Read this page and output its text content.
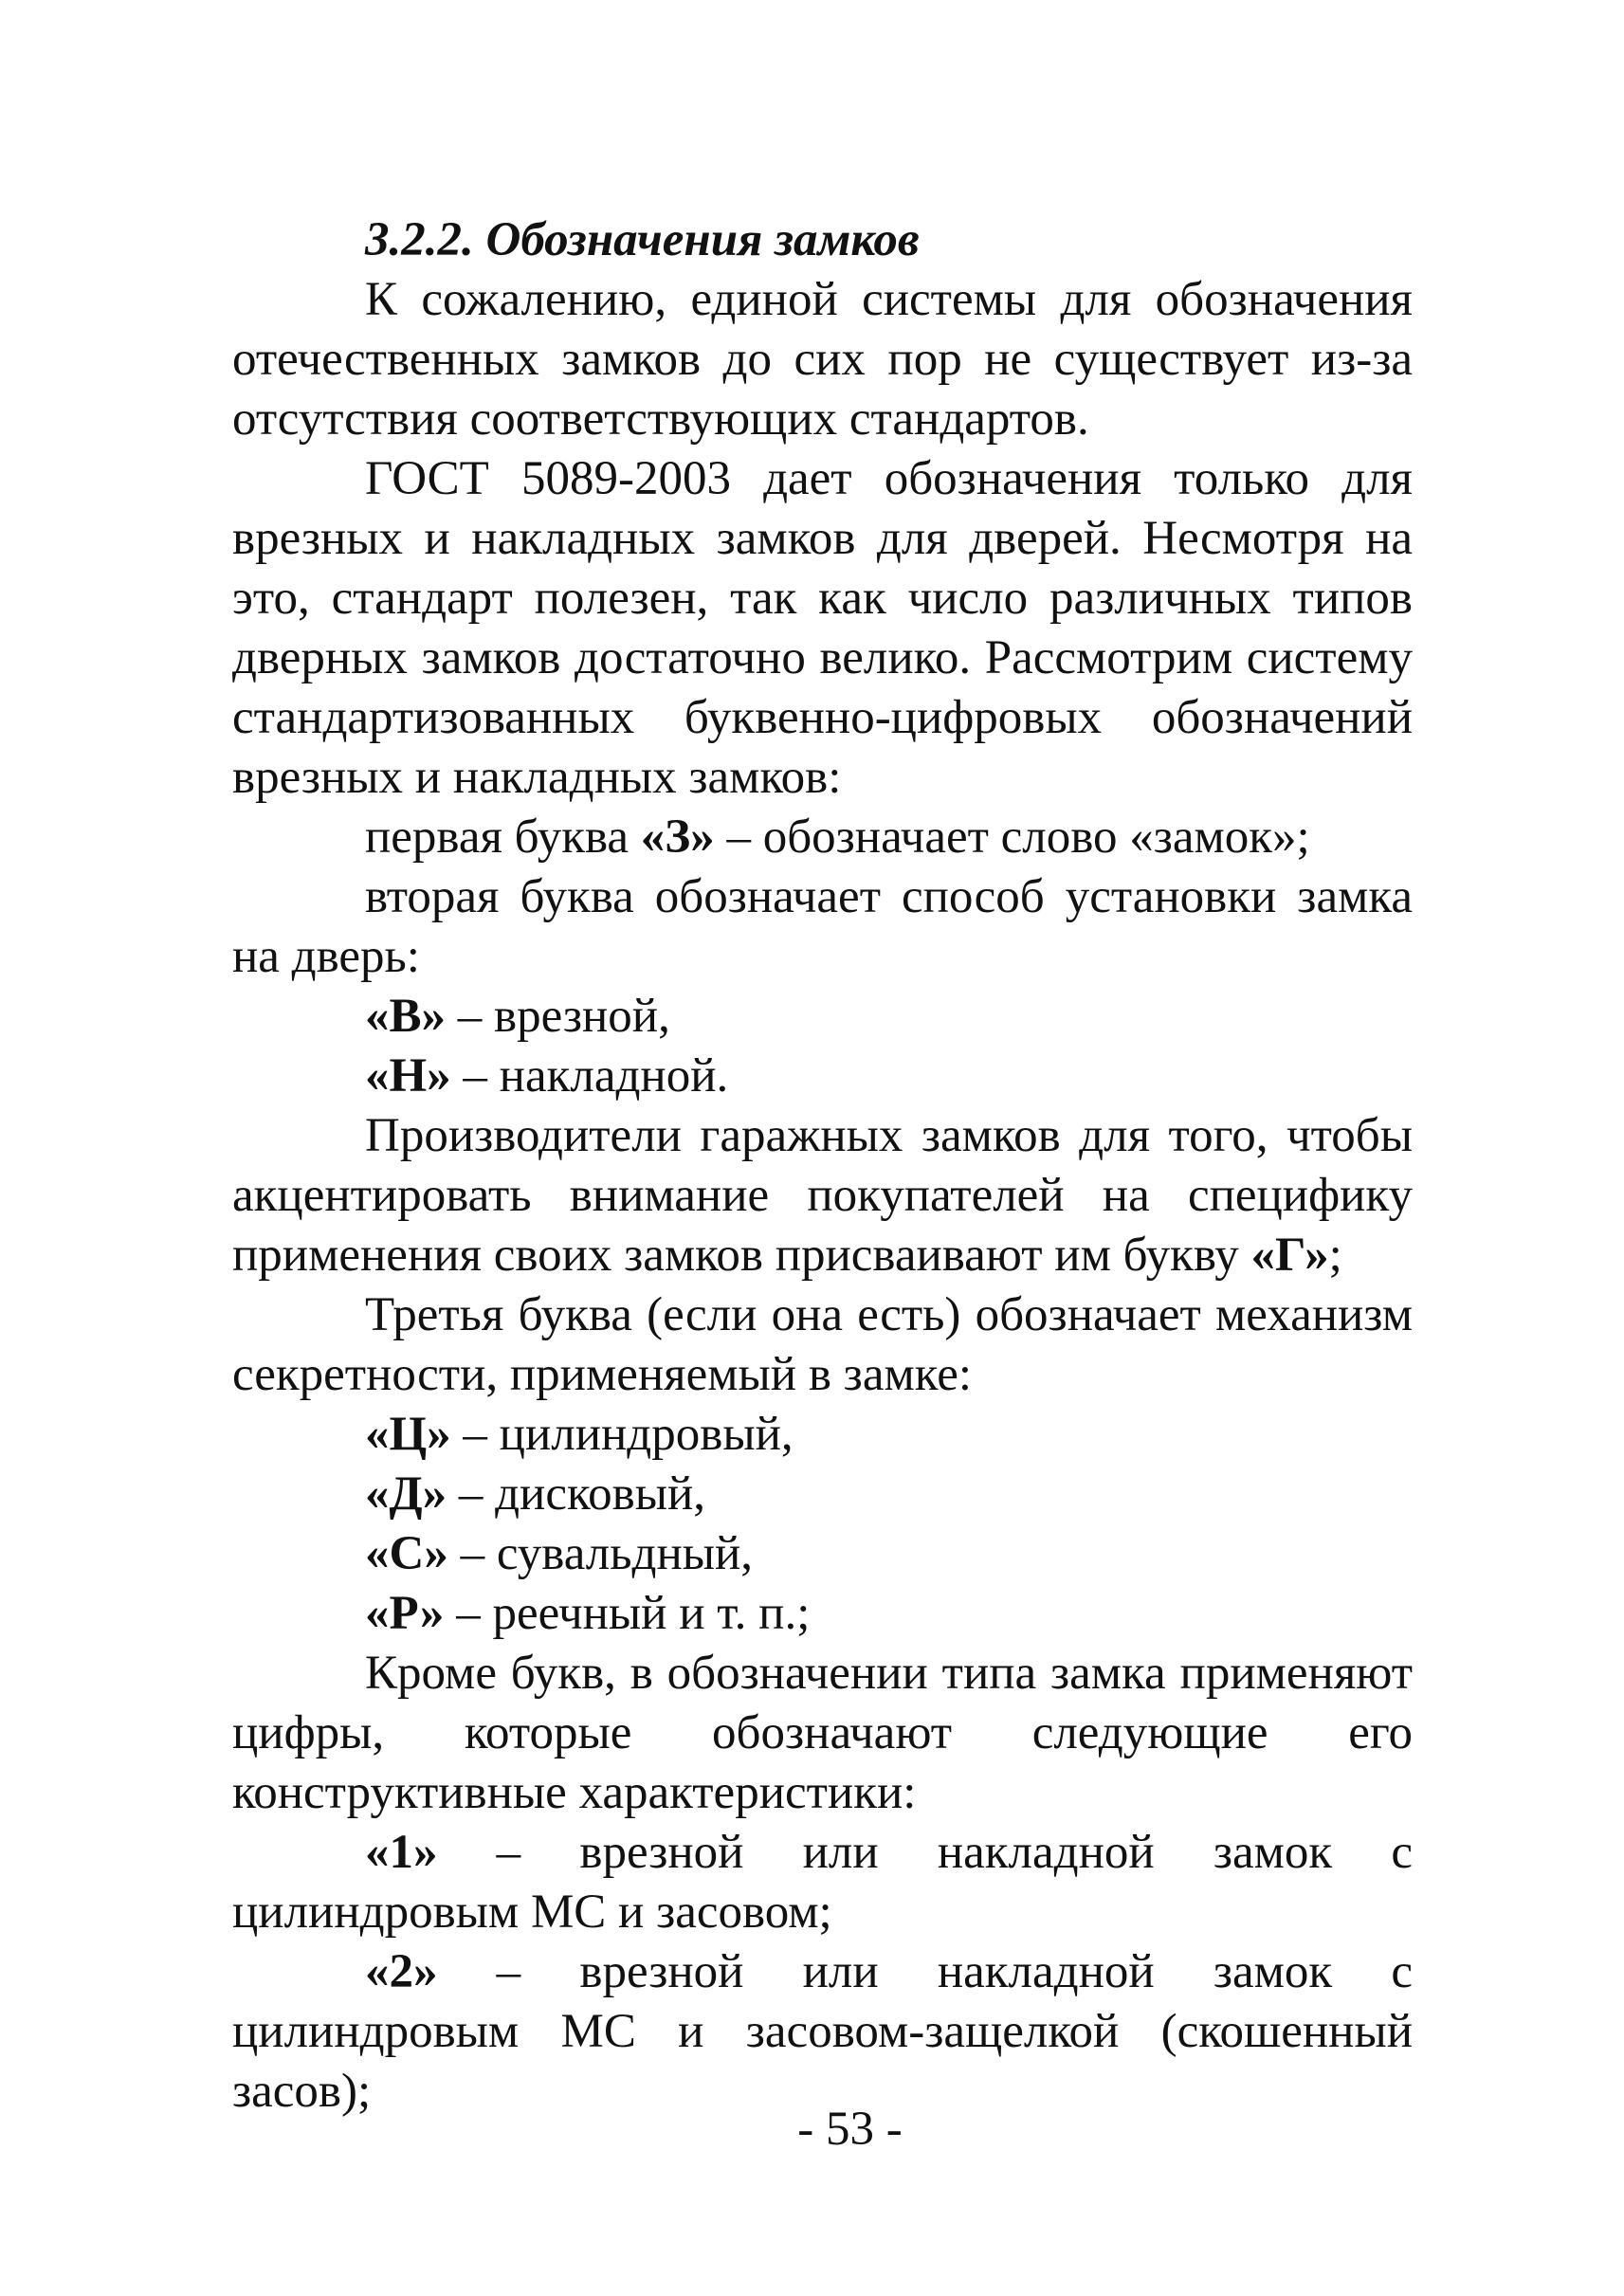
3.2.2. Обозначения замков

К сожалению, единой системы для обозначения отечественных замков до сих пор не существует из-за отсутствия соответствующих стандартов.

ГОСТ 5089-2003 дает обозначения только для врезных и накладных замков для дверей. Несмотря на это, стандарт полезен, так как число различных типов дверных замков достаточно велико. Рассмотрим систему стандартизованных буквенно-цифровых обозначений врезных и накладных замков:

первая буква «З» – обозначает слово «замок»;

вторая буква обозначает способ установки замка на дверь:

«В» – врезной,

«Н» – накладной.

Производители гаражных замков для того, чтобы акцентировать внимание покупателей на специфику применения своих замков присваивают им букву «Г»;

Третья буква (если она есть) обозначает механизм секретности, применяемый в замке:

«Ц» – цилиндровый,

«Д» – дисковый,

«С» – сувальдный,

«Р» – реечный и т. п.;

Кроме букв, в обозначении типа замка применяют цифры, которые обозначают следующие его конструктивные характеристики:

«1» – врезной или накладной замок с цилиндровым МС и засовом;

«2» – врезной или накладной замок с цилиндровым МС и засовом-защелкой (скошенный засов);

- 53 -
